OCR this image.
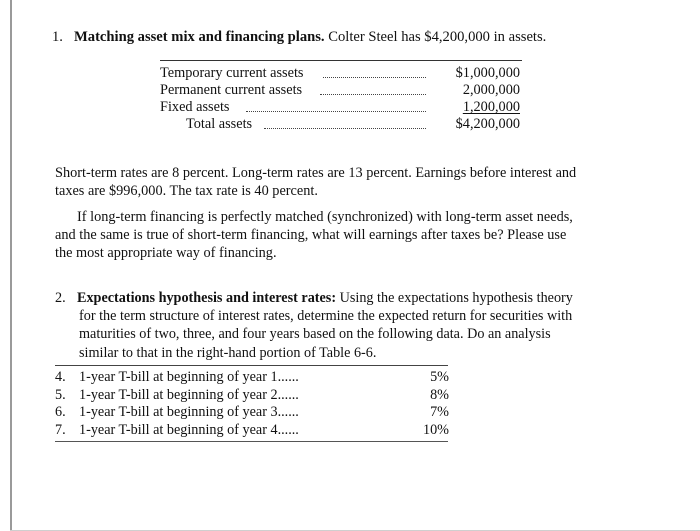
1. Matching asset mix and financing plans. Colter Steel has $4,200,000 in assets.
Temporary current assets	$1,000,000
Permanent current assets	2,000,000
Fixed assets	1,200,000
Total assets	$4,200,000
Short-term rates are 8 percent. Long-term rates are 13 percent. Earnings before interest and
taxes are $996,000. The tax rate is 40 percent.
If long-term financing is perfectly matched (synchronized) with long-term asset needs,
and the same is true of short-term financing, what will earnings after taxes be? Please use
the most appropriate way of financing.
2. Expectations hypothesis and interest rates: Using the expectations hypothesis theory
for the term structure of interest rates, determine the expected return for securities with
maturities of two, three, and four years based on the following data. Do an analysis
similar to that in the right-hand portion of Table 6-6.
4. 1-year T-bill at beginning of year 1......	5%
5. 1-year T-bill at beginning of year 2......	8%
6. 1-year T-bill at beginning of year 3......	7%
7. 1-year T-bill at beginning of year 4......	10%
